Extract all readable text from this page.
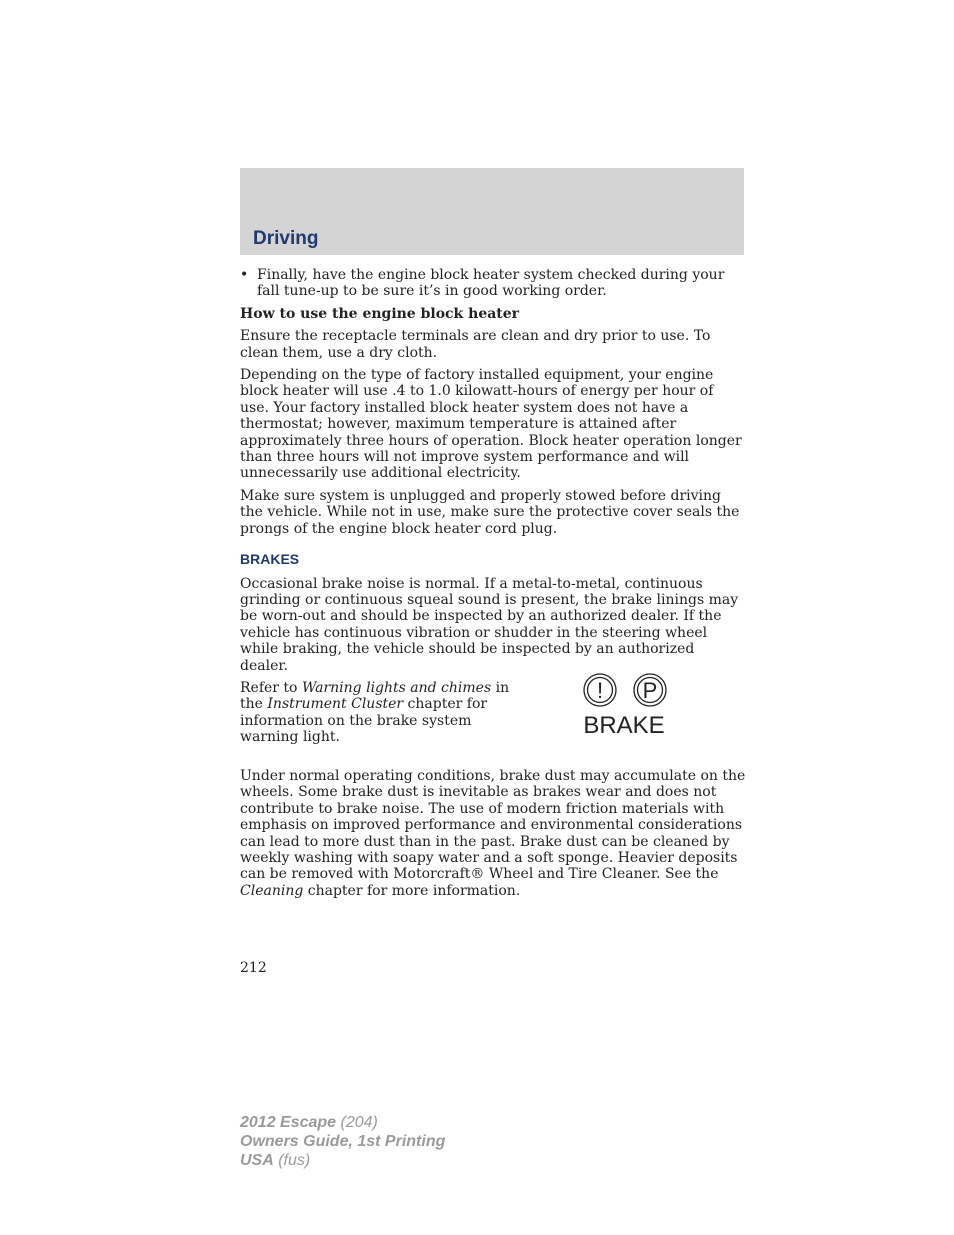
Driving
• Finally, have the engine block heater system checked during your fall tune-up to be sure it’s in good working order.

How to use the engine block heater

Ensure the receptacle terminals are clean and dry prior to use. To clean them, use a dry cloth.

Depending on the type of factory installed equipment, your engine block heater will use .4 to 1.0 kilowatt-hours of energy per hour of use. Your factory installed block heater system does not have a thermostat; however, maximum temperature is attained after approximately three hours of operation. Block heater operation longer than three hours will not improve system performance and will unnecessarily use additional electricity.

Make sure system is unplugged and properly stowed before driving the vehicle. While not in use, make sure the protective cover seals the prongs of the engine block heater cord plug.

BRAKES

Occasional brake noise is normal. If a metal-to-metal, continuous grinding or continuous squeal sound is present, the brake linings may be worn-out and should be inspected by an authorized dealer. If the vehicle has continuous vibration or shudder in the steering wheel while braking, the vehicle should be inspected by an authorized dealer.

Refer to Warning lights and chimes in the Instrument Cluster chapter for information on the brake system warning light.
! P
BRAKE

Under normal operating conditions, brake dust may accumulate on the wheels. Some brake dust is inevitable as brakes wear and does not contribute to brake noise. The use of modern friction materials with emphasis on improved performance and environmental considerations can lead to more dust than in the past. Brake dust can be cleaned by weekly washing with soapy water and a soft sponge. Heavier deposits can be removed with Motorcraft® Wheel and Tire Cleaner. See the Cleaning chapter for more information.

212
2012 Escape (204)
Owners Guide, 1st Printing
USA (fus)
